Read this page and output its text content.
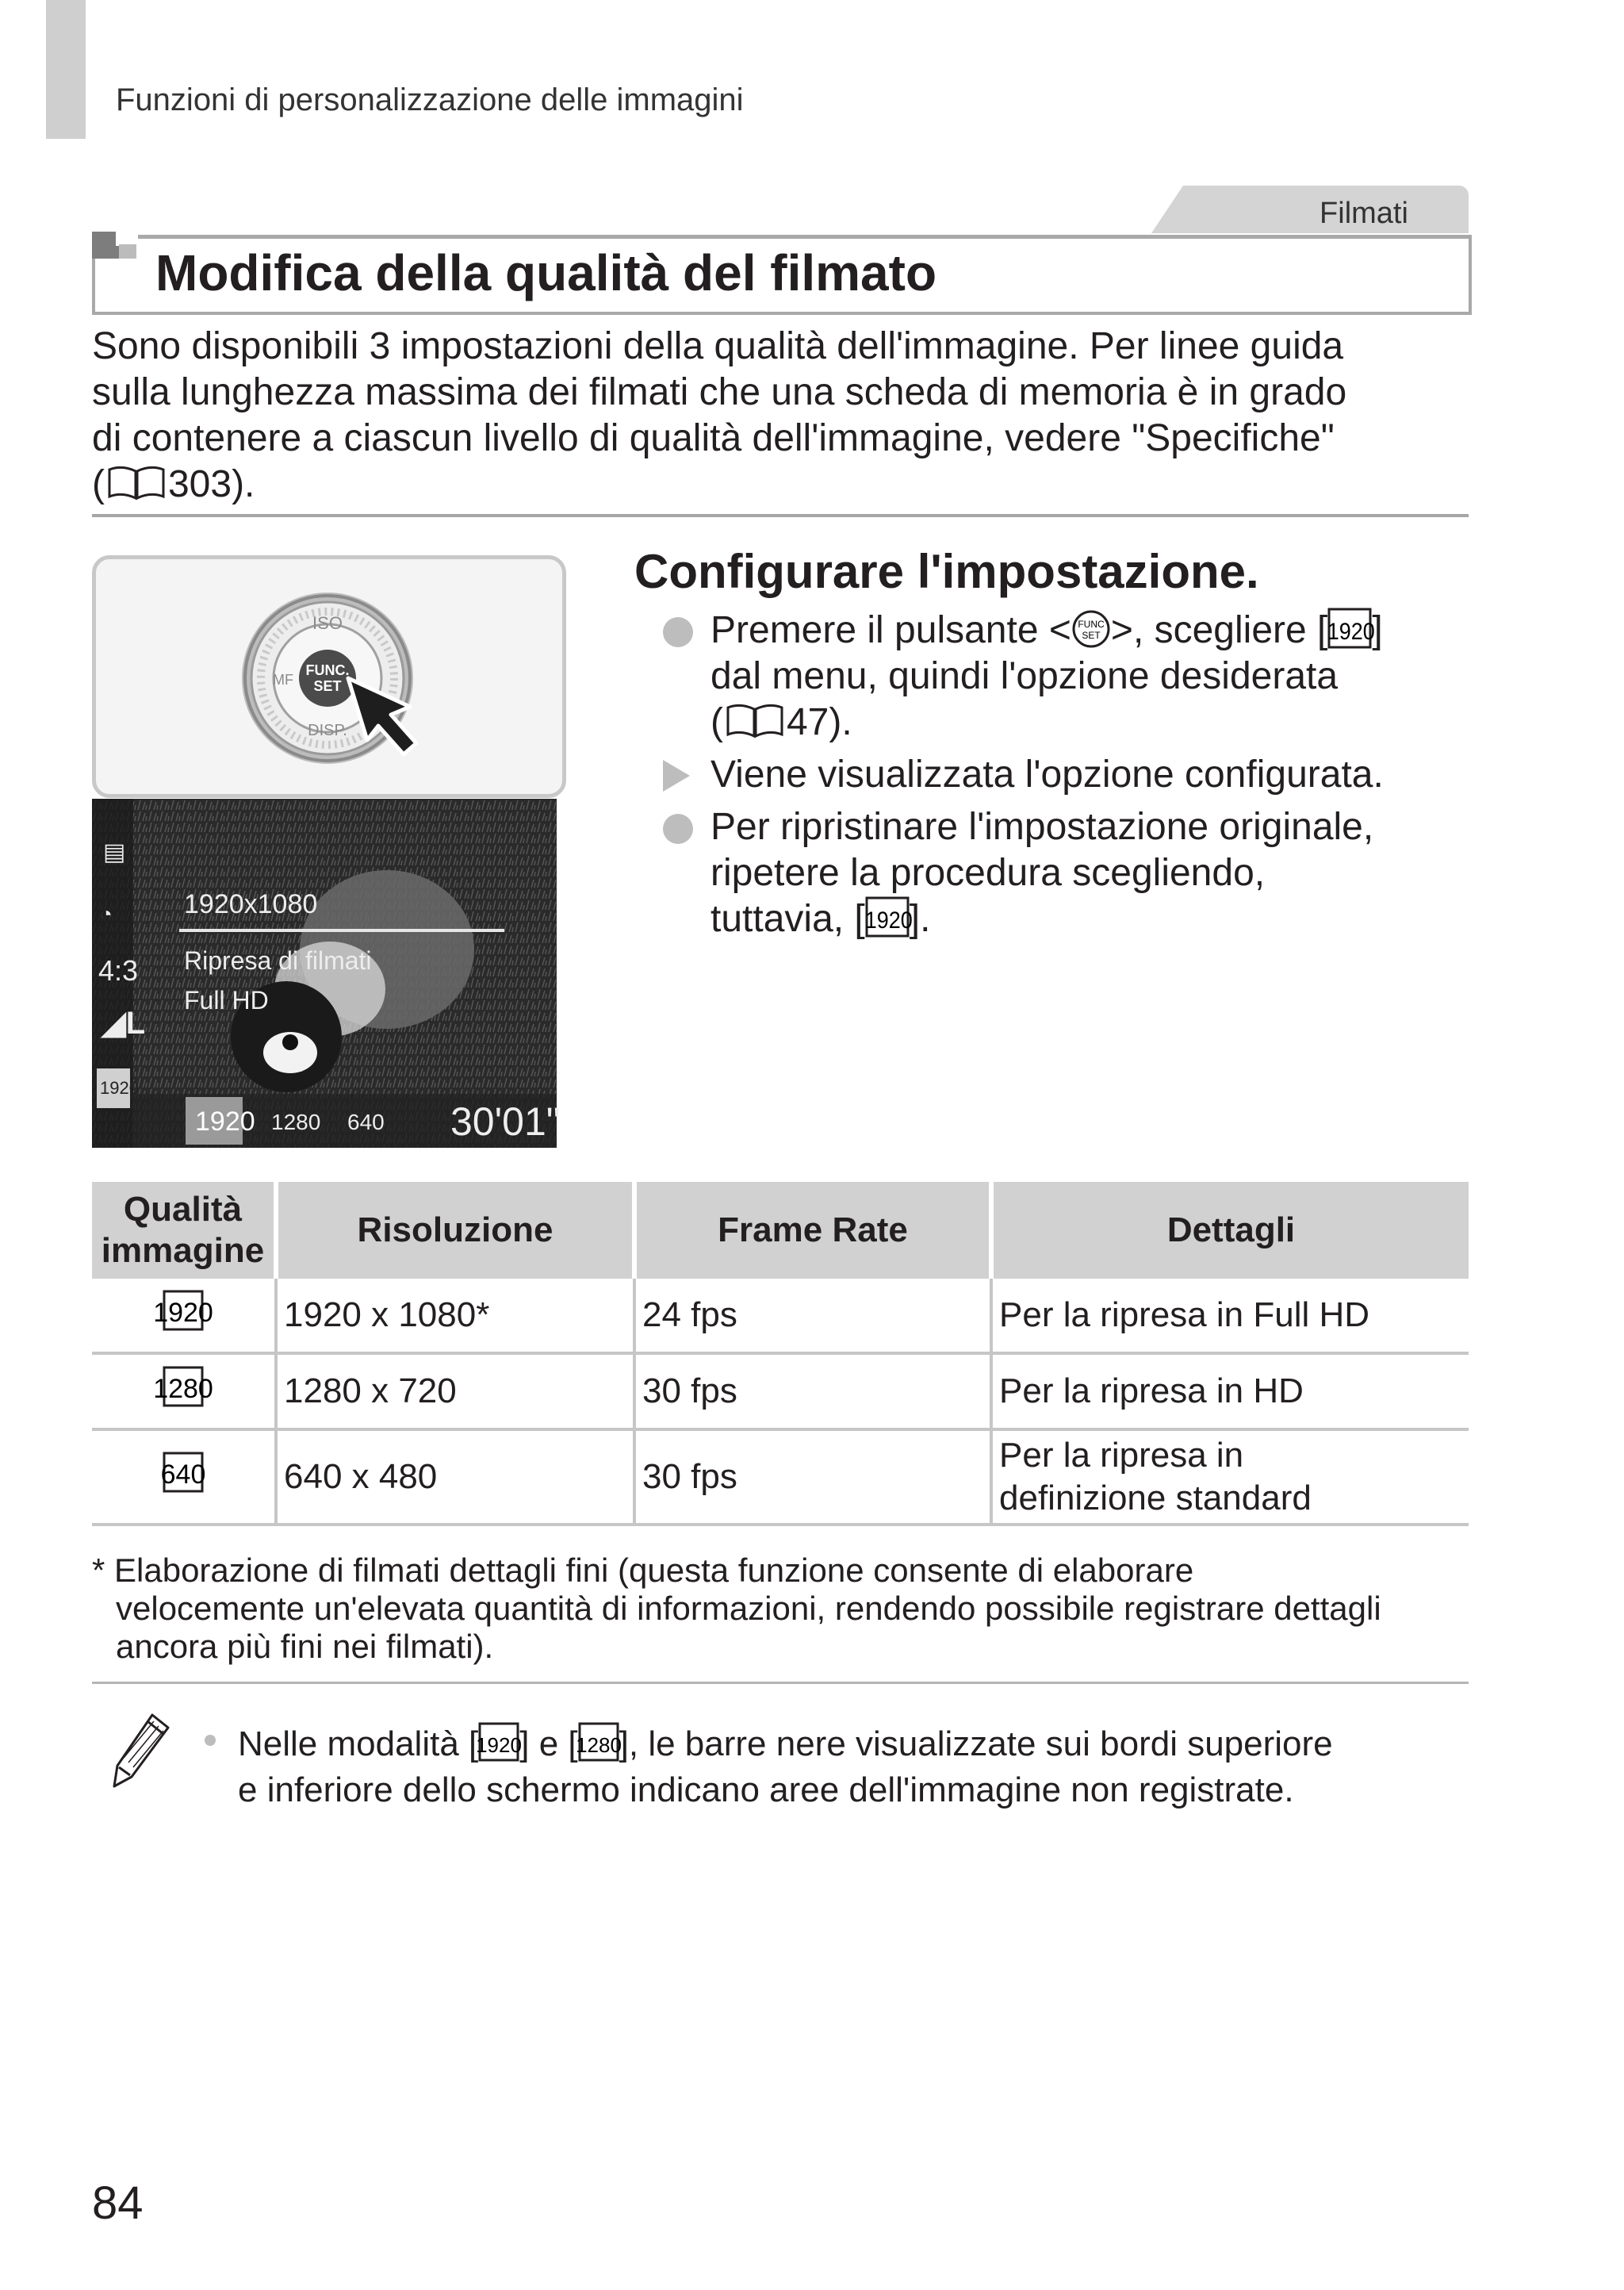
Funzioni di personalizzazione delle immagini
Filmati
Modifica della qualità del filmato
Sono disponibili 3 impostazioni della qualità dell'immagine. Per linee guida
sulla lunghezza massima dei filmati che una scheda di memoria è in grado
di contenere a ciascun livello di qualità dell'immagine, vedere "Specifiche"
( 303).
ISO
DISP.
MF
FUNC.
SET
▤
◔
4:3
◢L
1920
1920x1080
Ripresa di filmati
Full HD
1920 1280 640 30'01"
Configurare l'impostazione.
Premere il pulsante < FUNC
SET >, scegliere [ 1920
]
dal menu, quindi l'opzione desiderata
( 47).
Viene visualizzata l'opzione configurata.
Per ripristinare l'impostazione originale,
ripetere la procedura scegliendo,
tuttavia, [ 1920
].
Qualità
immagine	Risoluzione	Frame Rate	Dettagli

1920	1920 x 1080*	24 fps	Per la ripresa in Full HD

1280	1280 x 720	30 fps	Per la ripresa in HD

640	640 x 480	30 fps	Per la ripresa in
definizione standard
* Elaborazione di filmati dettagli fini (questa funzione consente di elaborare
velocemente un'elevata quantità di informazioni, rendendo possibile registrare dettagli
ancora più fini nei filmati).
Nelle modalità [
1920
] e [
1280
], le barre nere visualizzate sui bordi superiore
e inferiore dello schermo indicano aree dell'immagine non registrate.
84
